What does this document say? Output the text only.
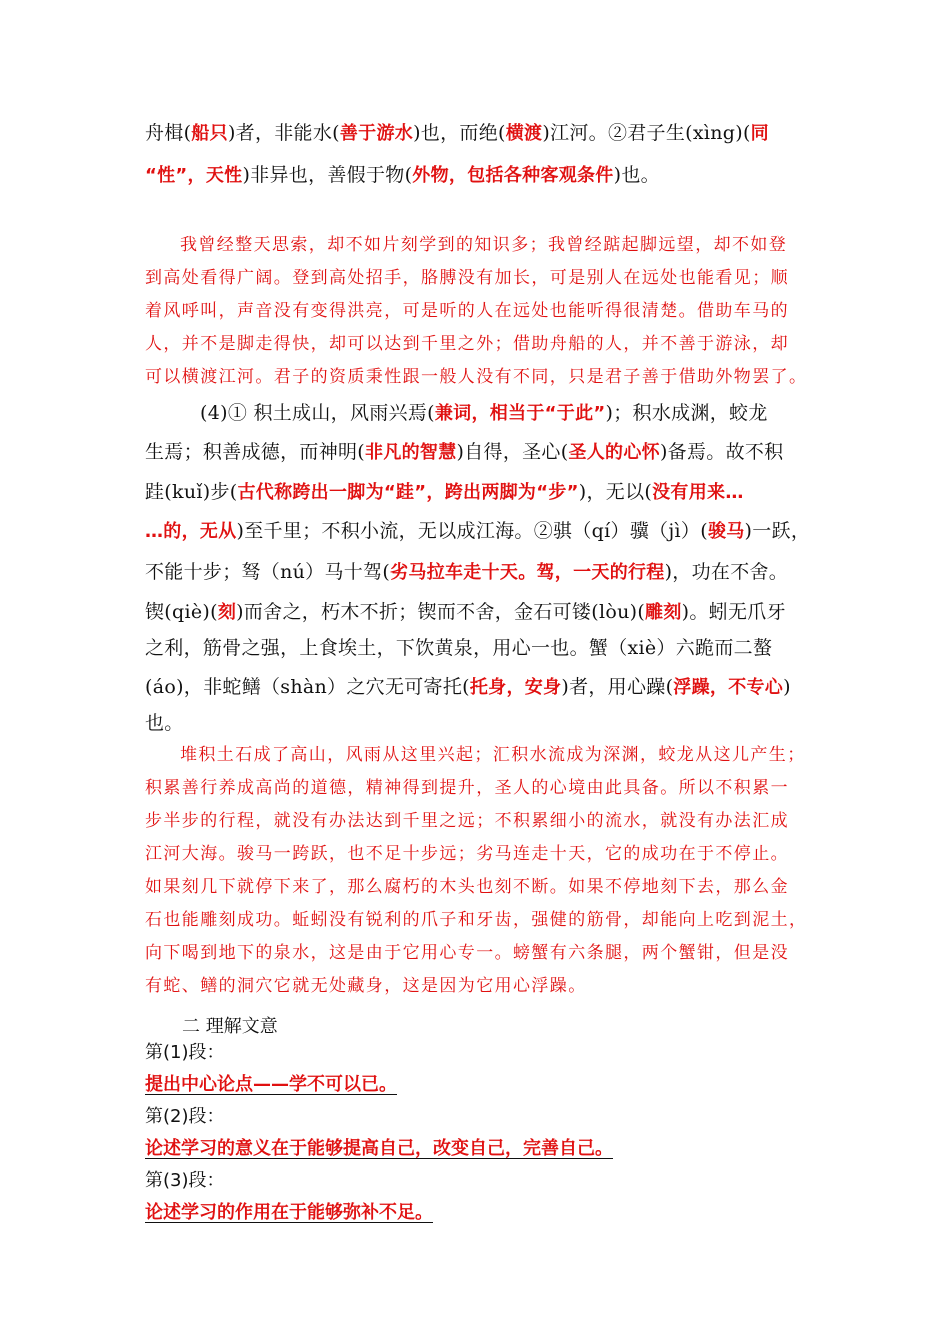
舟楫(船只)者，非能水(善于游水)也，而绝(横渡)江河。②君子生(xìng)(同
“性”，天性)非异也，善假于物(外物，包括各种客观条件)也。
我曾经整天思索，却不如片刻学到的知识多；我曾经踮起脚远望，却不如登
到高处看得广阔。登到高处招手，胳膊没有加长，可是别人在远处也能看见；顺
着风呼叫，声音没有变得洪亮，可是听的人在远处也能听得很清楚。借助车马的
人，并不是脚走得快，却可以达到千里之外；借助舟船的人，并不善于游泳，却
可以横渡江河。君子的资质秉性跟一般人没有不同，只是君子善于借助外物罢了。
(4)① 积土成山，风雨兴焉(兼词，相当于“于此”)；积水成渊，蛟龙
生焉；积善成德，而神明(非凡的智慧)自得，圣心(圣人的心怀)备焉。故不积
跬(kuǐ)步(古代称跨出一脚为“跬”，跨出两脚为“步”)，无以(没有用来…
…的，无从)至千里；不积小流，无以成江海。②骐（qí）骥（jì）(骏马)一跃，
不能十步；驽（nú）马十驾(劣马拉车走十天。驾，一天的行程)，功在不舍。
锲(qiè)(刻)而舍之，朽木不折；锲而不舍，金石可镂(lòu)(雕刻)。蚓无爪牙
之利，筋骨之强，上食埃土，下饮黄泉，用心一也。蟹（xiè）六跪而二螯
(áo)，非蛇鳝（shàn）之穴无可寄托(托身，安身)者，用心躁(浮躁，不专心)
也。
堆积土石成了高山，风雨从这里兴起；汇积水流成为深渊，蛟龙从这儿产生；
积累善行养成高尚的道德，精神得到提升，圣人的心境由此具备。所以不积累一
步半步的行程，就没有办法达到千里之远；不积累细小的流水，就没有办法汇成
江河大海。骏马一跨跃，也不足十步远；劣马连走十天，它的成功在于不停止。
如果刻几下就停下来了，那么腐朽的木头也刻不断。如果不停地刻下去，那么金
石也能雕刻成功。蚯蚓没有锐利的爪子和牙齿，强健的筋骨，却能向上吃到泥土，
向下喝到地下的泉水，这是由于它用心专一。螃蟹有六条腿，两个蟹钳，但是没
有蛇、鳝的洞穴它就无处藏身，这是因为它用心浮躁。
二 理解文意
第(1)段：
提出中心论点——学不可以已。
第(2)段：
论述学习的意义在于能够提高自己，改变自己，完善自己。
第(3)段：
论述学习的作用在于能够弥补不足。
